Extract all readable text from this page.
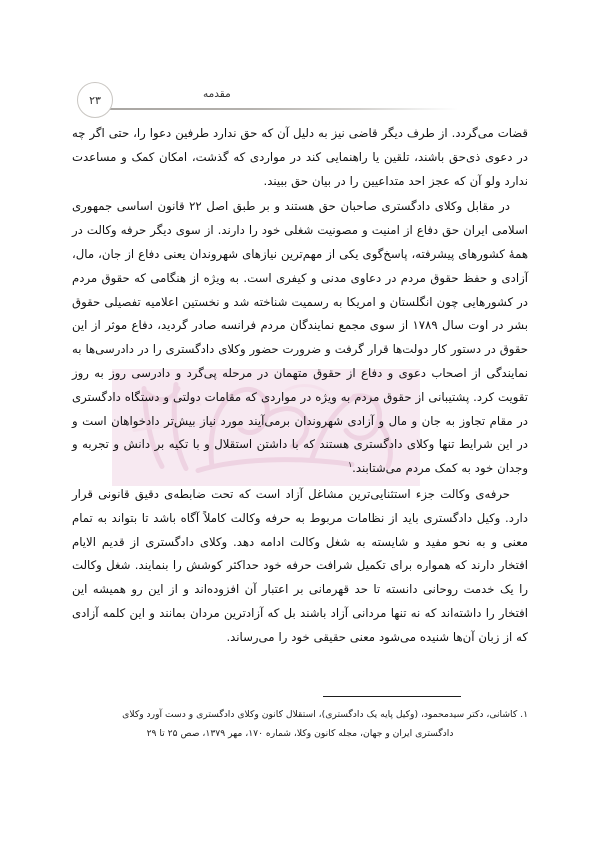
۲۳	مقدمه

قضات می‌گردد. از طرف دیگر قاضی نیز به دلیل آن که حق ندارد طرفین دعوا را، حتی اگر چه در دعوی ذی‌حق باشند، تلقین یا راهنمایی کند در مواردی که گذشت، امکان کمک و مساعدت ندارد ولو آن که عجز احد متداعیین را در بیان حق ببیند.

در مقابل وکلای دادگستری صاحبان حق هستند و بر طبق اصل ۲۲ قانون اساسی جمهوری اسلامی ایران حق دفاع از امنیت و مصونیت شغلی خود را دارند. از سوی دیگر حرفه وکالت در همهٔ کشورهای پیشرفته، پاسخ‌گوی یکی از مهم‌ترین نیازهای شهروندان یعنی دفاع از جان، مال، آزادی و حفظ حقوق مردم در دعاوی مدنی و کیفری است. به ویژه از هنگامی که حقوق مردم در کشورهایی چون انگلستان و امریکا به رسمیت شناخته شد و نخستین اعلامیه تفصیلی حقوق بشر در اوت سال ۱۷۸۹ از سوی مجمع نمایندگان مردم فرانسه صادر گردید، دفاع موثر از این حقوق در دستور کار دولت‌ها قرار گرفت و ضرورت حضور وکلای دادگستری را در دادرسی‌ها به نمایندگی از اصحاب دعوی و دفاع از حقوق متهمان در مرحله پی‌گرد و دادرسی روز به روز تقویت کرد. پشتیبانی از حقوق مردم به ویژه در مواردی که مقامات دولتی و دستگاه دادگستری در مقام تجاوز به جان و مال و آزادی شهروندان برمی‌آیند مورد نیاز بیش‌تر دادخواهان است و در این شرایط تنها وکلای دادگستری هستند که با داشتن استقلال و با تکیه بر دانش و تجربه و وجدان خود به کمک مردم می‌شتابند.$^۱$

حرفه‌ی وکالت جزء استثنایی‌ترین مشاغل آزاد است که تحت ضابطه‌ی دقیق قانونی قرار دارد. وکیل دادگستری باید از نظامات مربوط به حرفه وکالت کاملاً آگاه باشد تا بتواند به تمام معنی و به نحو مفید و شایسته به شغل وکالت ادامه دهد. وکلای دادگستری از قدیم الایام افتخار دارند که همواره برای تکمیل شرافت حرفه خود حداکثر کوشش را بنمایند. شغل وکالت را یک خدمت روحانی دانسته تا حد قهرمانی بر اعتبار آن افزوده‌اند و از این رو همیشه این افتخار را داشته‌اند که نه تنها مردانی آزاد باشند بل که آزادترین مردان بمانند و این کلمه آزادی که از زبان آن‌ها شنیده می‌شود معنی حقیقی خود را می‌رساند.

۱. کاشانی، دکتر سیدمحمود، (وکیل پایه یک دادگستری)، استقلال کانون وکلای دادگستری و دست آورد وکلای

دادگستری ایران و جهان، مجله کانون وکلا، شماره ۱۷۰، مهر ۱۳۷۹، صص ۲۵ تا ۲۹
